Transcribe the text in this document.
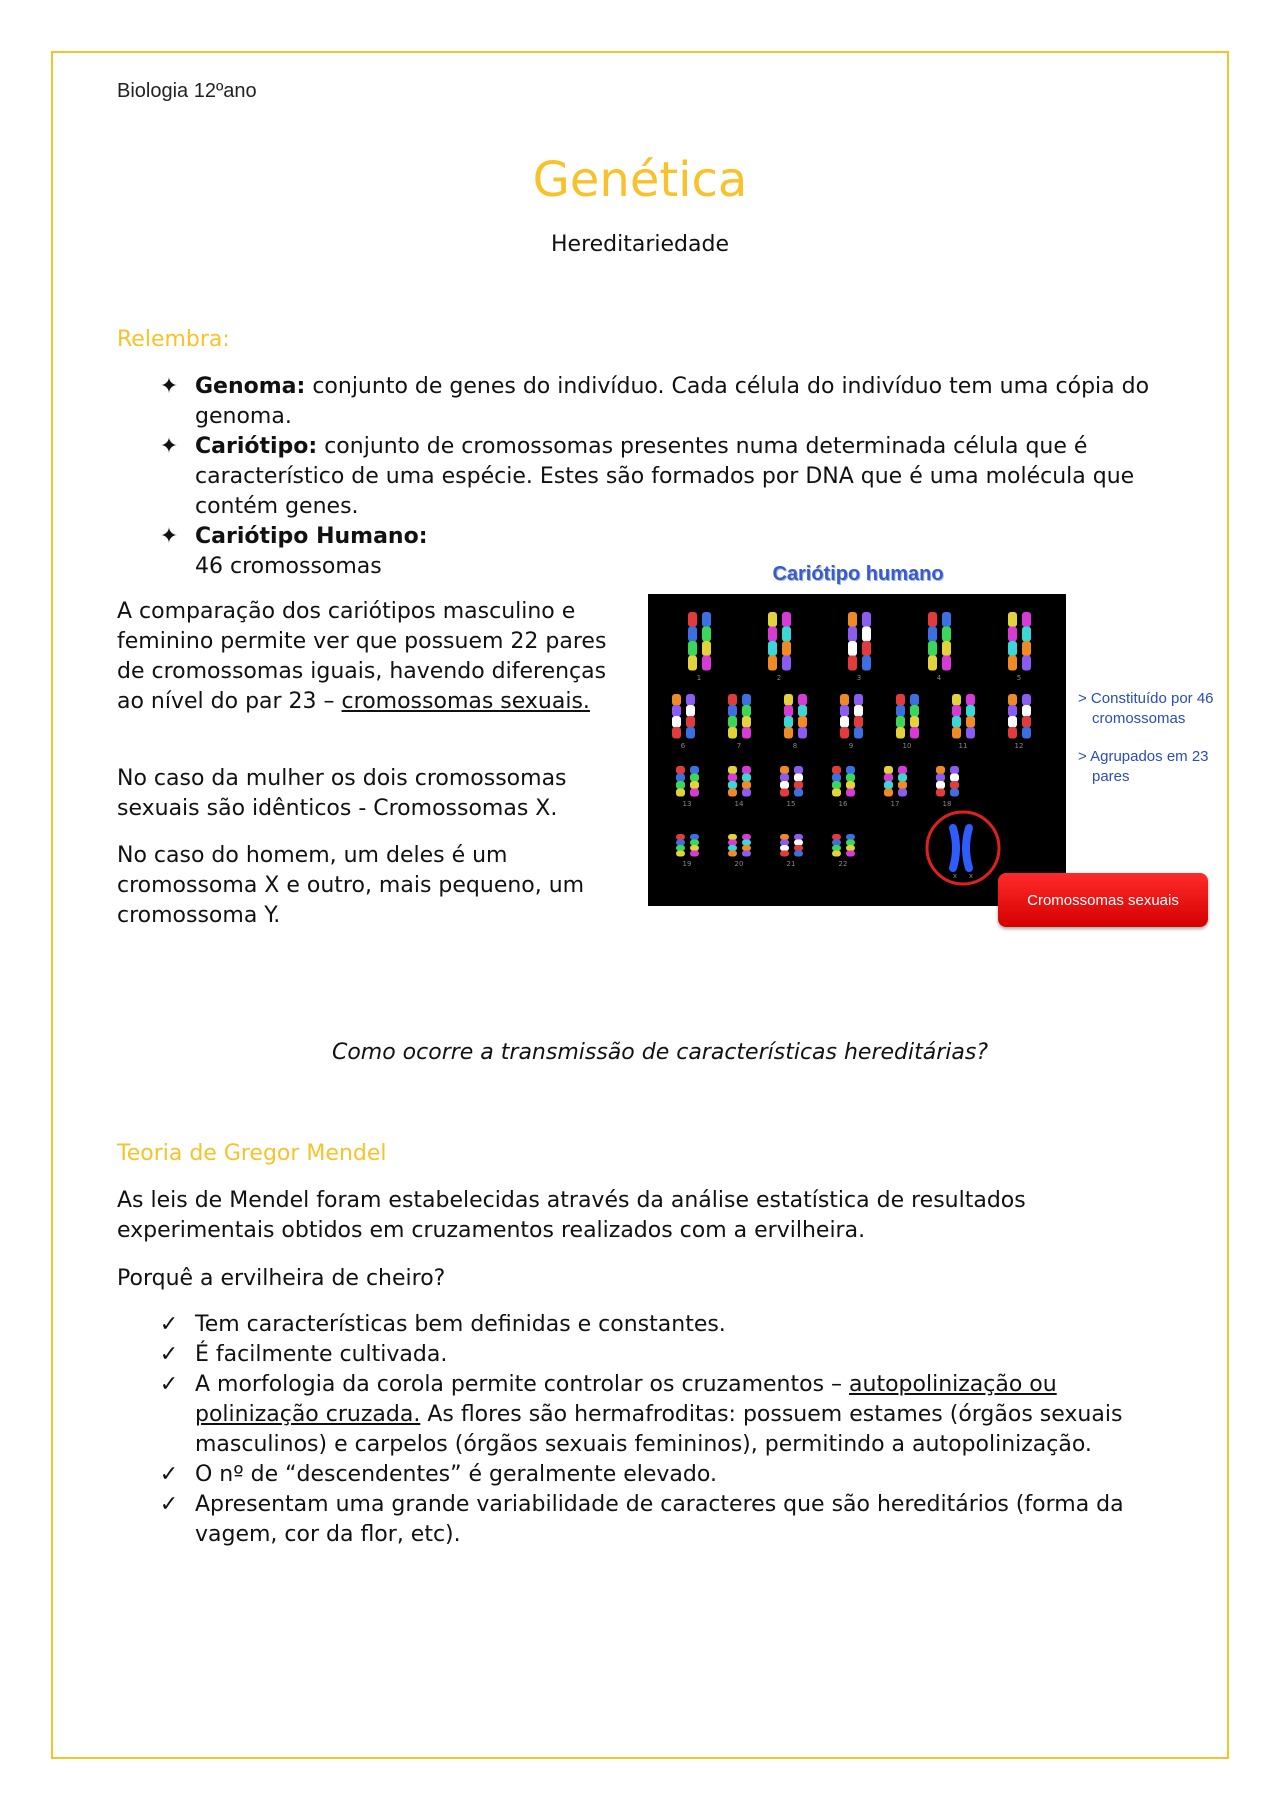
Biologia 12ºano
Genética
Hereditariedade
Relembra:
✦ Genoma: conjunto de genes do indivíduo. Cada célula do indivíduo tem uma cópia do genoma.
✦ Cariótipo: conjunto de cromossomas presentes numa determinada célula que é característico de uma espécie. Estes são formados por DNA que é uma molécula que contém genes.
✦ Cariótipo Humano: 46 cromossomas

A comparação dos cariótipos masculino e feminino permite ver que possuem 22 pares de cromossomas iguais, havendo diferenças ao nível do par 23 – cromossomas sexuais.

No caso da mulher os dois cromossomas sexuais são idênticos - Cromossomas X.

No caso do homem, um deles é um cromossoma X e outro, mais pequeno, um cromossoma Y.

Cariótipo humano
1	2	3	4	5
6	7	8	9	10	11	12
13	14	15	16	17	18
19	20	21	22
x x
> Constituído por 46
cromossomas
> Agrupados em 23
pares
Cromossomas sexuais
Como ocorre a transmissão de características hereditárias?
Teoria de Gregor Mendel

As leis de Mendel foram estabelecidas através da análise estatística de resultados experimentais obtidos em cruzamentos realizados com a ervilheira.

Porquê a ervilheira de cheiro?

✓ Tem características bem definidas e constantes.
✓ É facilmente cultivada.
✓ A morfologia da corola permite controlar os cruzamentos – autopolinização ou polinização cruzada. As flores são hermafroditas: possuem estames (órgãos sexuais masculinos) e carpelos (órgãos sexuais femininos), permitindo a autopolinização.
✓ O nº de “descendentes” é geralmente elevado.
✓ Apresentam uma grande variabilidade de caracteres que são hereditários (forma da vagem, cor da flor, etc).
